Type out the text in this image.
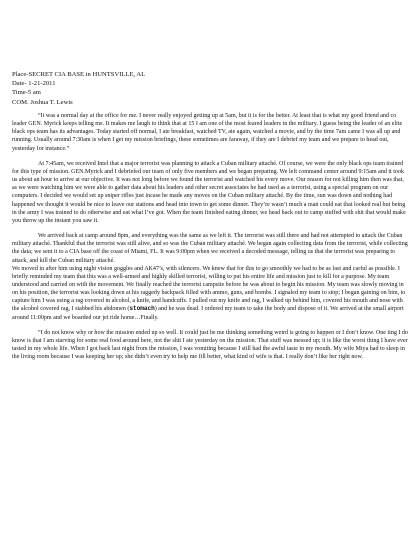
Place-SECRET CIA BASE in HUNTSVILLE, AL
Date- 1-21-2011
Time-5 am
COM. Joshua T. Lewis

“It was a normal day at the office for me. I never really enjoyed getting up at 5am, but it is for the better. At least that is what my good friend and co leader GEN. Myrick keeps telling me. It makes me laugh to think that at 15 I am one of the most feared leaders in the military. I guess being the leader of an elite black ops team has its advantages. Today started off normal, I ate breakfast, watched TV, ate again, watched a movie, and by the time 7am came I was all up and running. Usually around 7:30am is when I get my mission briefings, these sometimes are faraway, if they are I debrief my team and we prepare to head out, yesterday for instance.”

At 7:45am, we received Intel that a major terrorist was planning to attack a Cuban military attaché. Of course, we were the only black ops team trained for this type of mission. GEN.Myrick and I debriefed our team of only five members and we began preparing. We left command center around 9:15am and it took us about an hour to arrive at our objective. It was not long before we found the terrorist and watched his every move. Our reason for not killing him then was that, as we were watching him we were able to gather data about his leaders and other secret associates he had used as a terrorist, using a special program on our computers. I decided we would set up sniper rifles just incase he made any moves on the Cuban military attaché. By the time, sun was down and nothing had happened we thought it would be nice to leave our stations and head into town to get some dinner. They’re wasn’t much a man could eat that looked real but being in the army I was trained to do otherwise and eat what I’ve got. When the team finished eating dinner, we head back out to camp stuffed with shit that would make you throw up the instant you saw it.

We arrived back at camp around 8pm, and everything was the same as we left it. The terrorist was still there and had not attempted to attack the Cuban military attaché. Thankful that the terrorist was still alive, and so was the Cuban military attaché. We began again collecting data from the terrorist, while collecting the data; we sent it to a CIA base off the coast of Miami, FL. It was 9:00pm when we received a decoded message, telling us that the terrorist was preparing to attack, and kill the Cuban military attaché.

We moved in after him using night vision goggles and AK47’s, with silencers. We knew that for this to go smoothly we had to be as fast and carful as possible. I briefly reminded my team that this was a well-armed and highly skilled terrorist, willing to put his entire life and mission just to kill for a purpose. My team understood and carried on with the movement. We finally reached the terrorist campsite before he was about to begin his mission. My team was slowly moving in on his position, the terrorist was looking down at his raggedy backpack filled with ammo, guns, and bombs. I signaled my team to stop; I began gaining on him, to capture him I was using a rag covered in alcohol, a knife, and handcuffs. I pulled out my knife and rag, I walked up behind him, covered his mouth and nose with the alcohol covered rag, I stabbed his abdomen (stomach) and he was dead. I ordered my team to take the body and dispose of it. We arrived at the small airport around 11:00pm and we boarded our jet ride home…Finally.

“I do not know why or how the mission ended up so well. It could just be me thinking something weird is going to happen or I don’t know. One ting I do know is that I am starving for some real food around here, not the shit I ate yesterday on the mission. That stuff was messed up; it is like the worst thing I have ever tasted in my whole life. When I got back last night from the mission, I was vomiting because I still had the awful taste in my mouth. My wife Miya had to sleep in the living room because I was keeping her up; she didn’t even try to help me fill better, what kind of wife is that. I really don’t like her right now.
